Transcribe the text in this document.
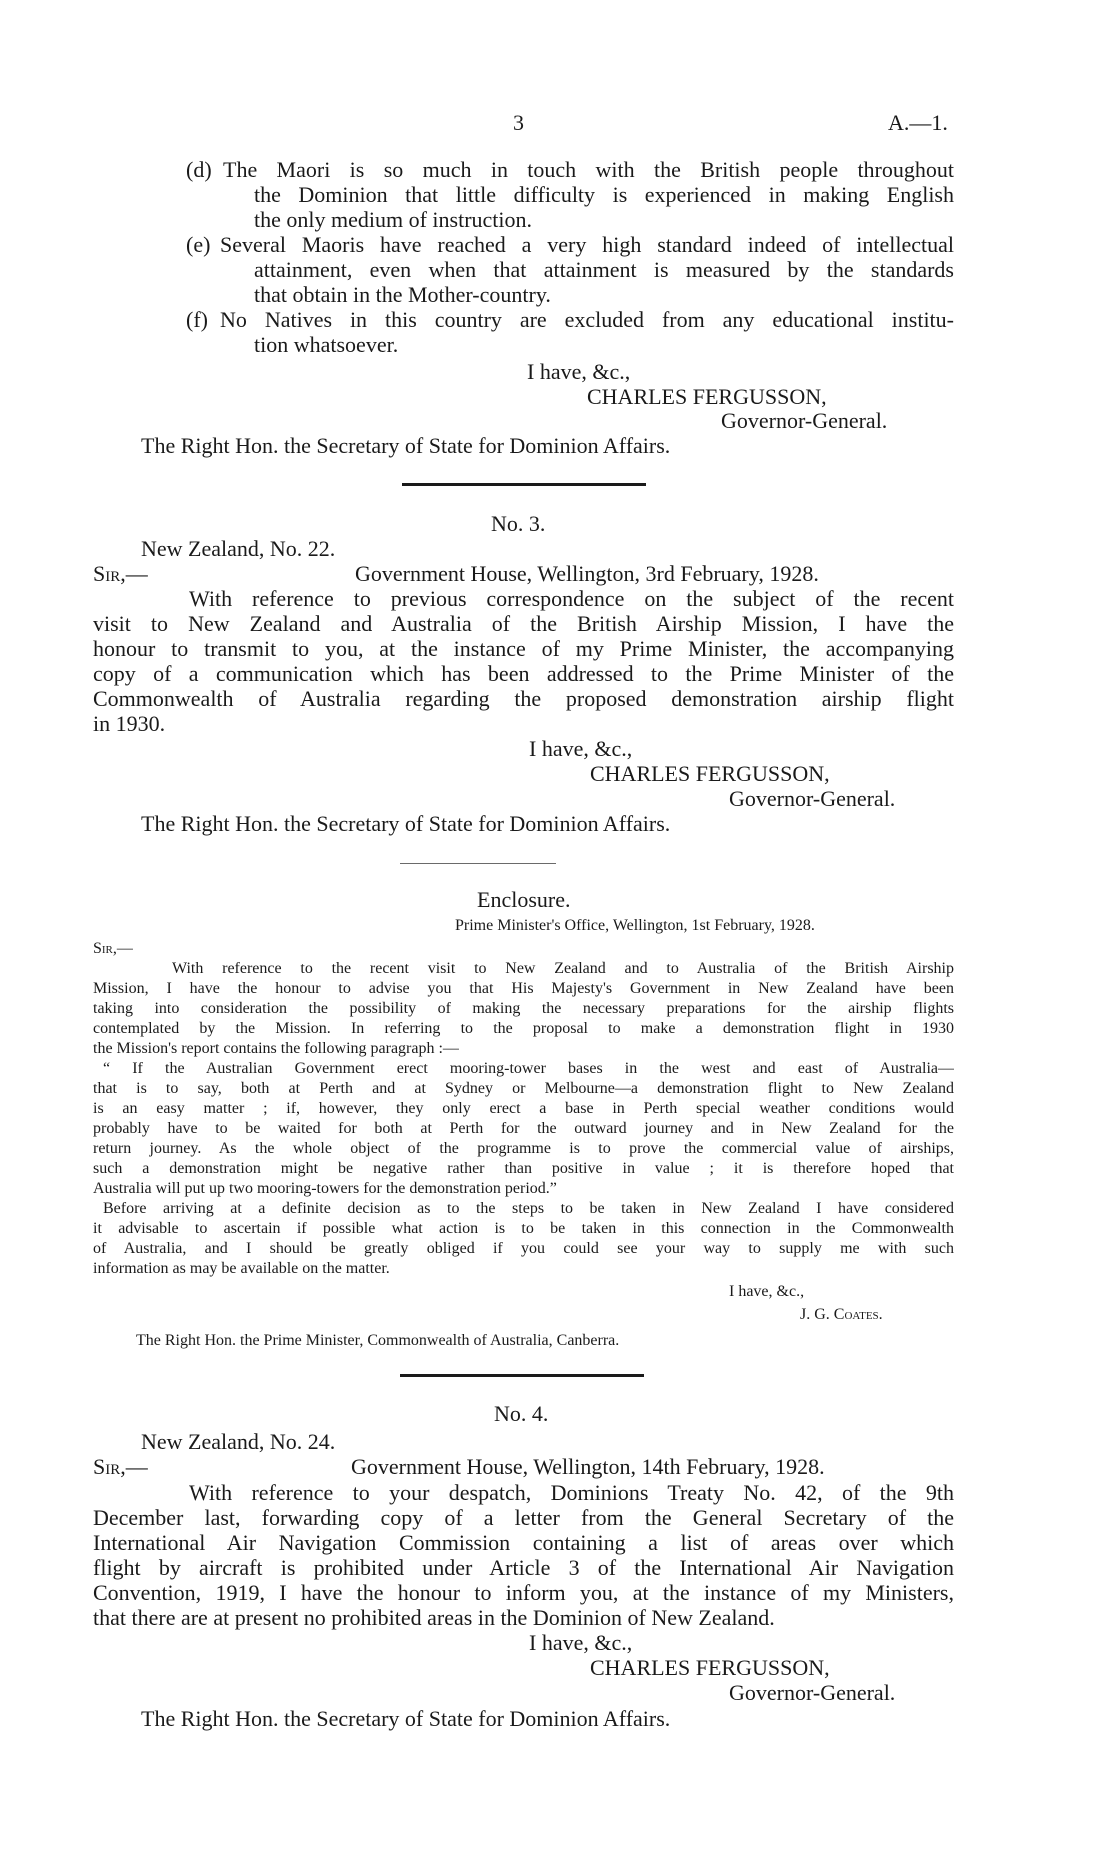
3	A.—1.
(d) The Maori is so much in touch with the British people throughout
the Dominion that little difficulty is experienced in making English
the only medium of instruction.
(e) Several Maoris have reached a very high standard indeed of intellectual
attainment, even when that attainment is measured by the standards
that obtain in the Mother-country.
(f) No Natives in this country are excluded from any educational institu-
tion whatsoever.
I have, &c.,
CHARLES FERGUSSON,
Governor-General.
The Right Hon. the Secretary of State for Dominion Affairs.
No. 3.
New Zealand, No. 22.
Sir,—	Government House, Wellington, 3rd February, 1928.
With reference to previous correspondence on the subject of the recent
visit to New Zealand and Australia of the British Airship Mission, I have the
honour to transmit to you, at the instance of my Prime Minister, the accompanying
copy of a communication which has been addressed to the Prime Minister of the
Commonwealth of Australia regarding the proposed demonstration airship flight
in 1930.
I have, &c.,
CHARLES FERGUSSON,
Governor-General.
The Right Hon. the Secretary of State for Dominion Affairs.
Enclosure.
Prime Minister's Office, Wellington, 1st February, 1928.
Sir,—
With reference to the recent visit to New Zealand and to Australia of the British Airship
Mission, I have the honour to advise you that His Majesty's Government in New Zealand have been
taking into consideration the possibility of making the necessary preparations for the airship flights
contemplated by the Mission. In referring to the proposal to make a demonstration flight in 1930
the Mission's report contains the following paragraph :—
“ If the Australian Government erect mooring-tower bases in the west and east of Australia—
that is to say, both at Perth and at Sydney or Melbourne—a demonstration flight to New Zealand
is an easy matter ; if, however, they only erect a base in Perth special weather conditions would
probably have to be waited for both at Perth for the outward journey and in New Zealand for the
return journey. As the whole object of the programme is to prove the commercial value of airships,
such a demonstration might be negative rather than positive in value ; it is therefore hoped that
Australia will put up two mooring-towers for the demonstration period.”
Before arriving at a definite decision as to the steps to be taken in New Zealand I have considered
it advisable to ascertain if possible what action is to be taken in this connection in the Commonwealth
of Australia, and I should be greatly obliged if you could see your way to supply me with such
information as may be available on the matter.
I have, &c.,
J. G. Coates.
The Right Hon. the Prime Minister, Commonwealth of Australia, Canberra.
No. 4.
New Zealand, No. 24.
Sir,—	Government House, Wellington, 14th February, 1928.
With reference to your despatch, Dominions Treaty No. 42, of the 9th
December last, forwarding copy of a letter from the General Secretary of the
International Air Navigation Commission containing a list of areas over which
flight by aircraft is prohibited under Article 3 of the International Air Navigation
Convention, 1919, I have the honour to inform you, at the instance of my Ministers,
that there are at present no prohibited areas in the Dominion of New Zealand.
I have, &c.,
CHARLES FERGUSSON,
Governor-General.
The Right Hon. the Secretary of State for Dominion Affairs.
